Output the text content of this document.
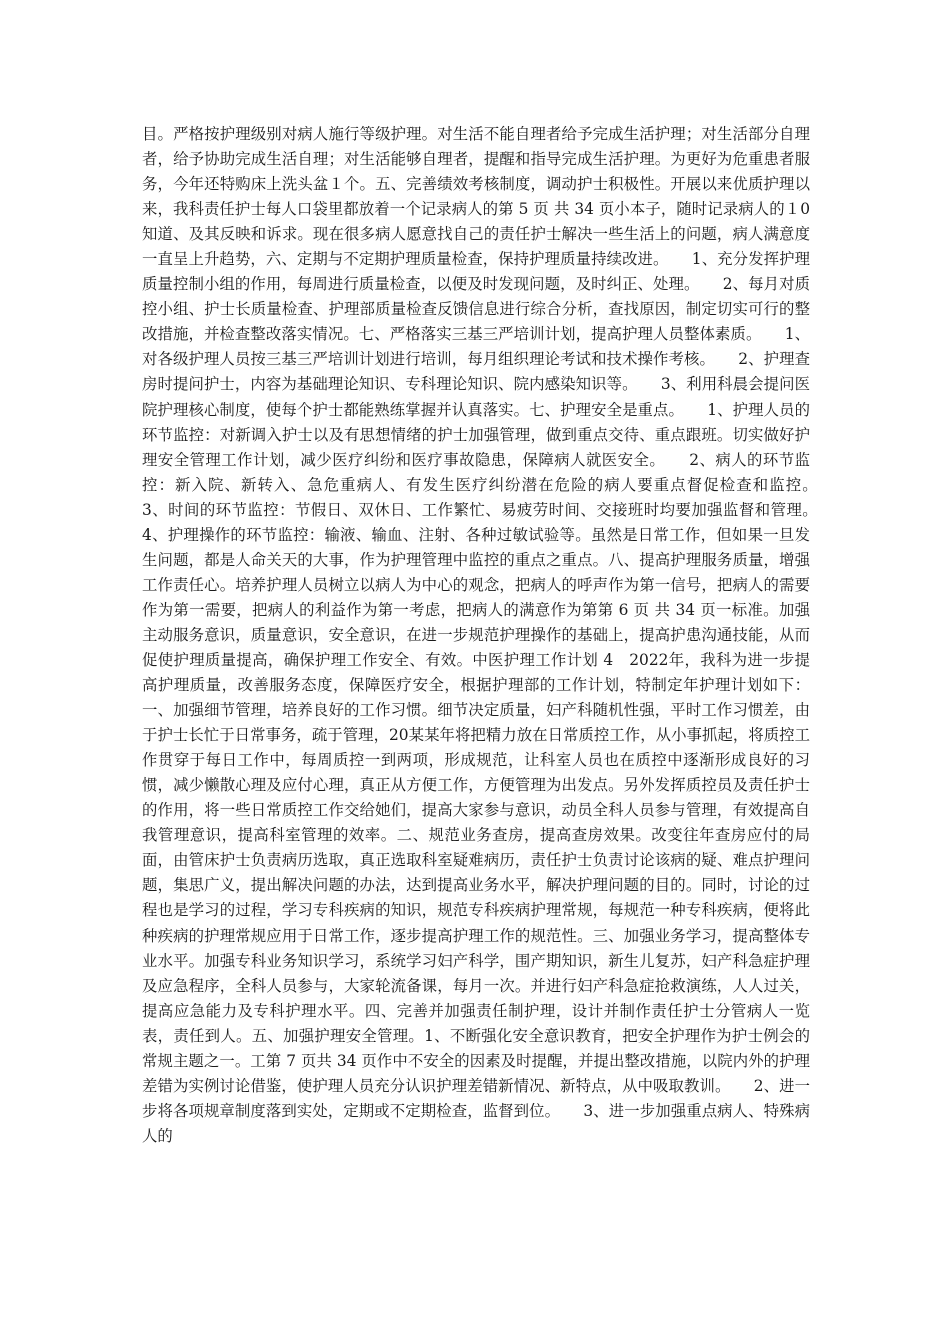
目。严格按护理级别对病人施行等级护理。对生活不能自理者给予完成生活护理；对生活部分自理者，给予协助完成生活自理；对生活能够自理者，提醒和指导完成生活护理。为更好为危重患者服务，今年还特购床上洗头盆１个。五、完善绩效考核制度，调动护士积极性。开展以来优质护理以来，我科责任护士每人口袋里都放着一个记录病人的第 5 页 共 34 页小本子，随时记录病人的１0知道、及其反映和诉求。现在很多病人愿意找自己的责任护士解决一些生活上的问题，病人满意度一直呈上升趋势，六、定期与不定期护理质量检查，保持护理质量持续改进。　　1、充分发挥护理质量控制小组的作用，每周进行质量检查，以便及时发现问题，及时纠正、处理。　　2、每月对质控小组、护士长质量检查、护理部质量检查反馈信息进行综合分析，查找原因，制定切实可行的整改措施，并检查整改落实情况。七、严格落实三基三严培训计划，提高护理人员整体素质。　　1、对各级护理人员按三基三严培训计划进行培训，每月组织理论考试和技术操作考核。　　2、护理查房时提问护士，内容为基础理论知识、专科理论知识、院内感染知识等。　　3、利用科晨会提问医院护理核心制度，使每个护士都能熟练掌握并认真落实。七、护理安全是重点。　　1、护理人员的环节监控：对新调入护士以及有思想情绪的护士加强管理，做到重点交待、重点跟班。切实做好护理安全管理工作计划，减少医疗纠纷和医疗事故隐患，保障病人就医安全。　　2、病人的环节监控：新入院、新转入、急危重病人、有发生医疗纠纷潜在危险的病人要重点督促检查和监控。　　3、时间的环节监控：节假日、双休日、工作繁忙、易疲劳时间、交接班时均要加强监督和管理。　　4、护理操作的环节监控：输液、输血、注射、各种过敏试验等。虽然是日常工作，但如果一旦发生问题，都是人命关天的大事，作为护理管理中监控的重点之重点。八、提高护理服务质量，增强工作责任心。培养护理人员树立以病人为中心的观念，把病人的呼声作为第一信号，把病人的需要作为第一需要，把病人的利益作为第一考虑，把病人的满意作为第第 6 页 共 34 页一标准。加强主动服务意识，质量意识，安全意识，在进一步规范护理操作的基础上，提高护患沟通技能，从而促使护理质量提高，确保护理工作安全、有效。中医护理工作计划 4　2022年，我科为进一步提高护理质量，改善服务态度，保障医疗安全，根据护理部的工作计划，特制定年护理计划如下：一、加强细节管理，培养良好的工作习惯。细节决定质量，妇产科随机性强，平时工作习惯差，由于护士长忙于日常事务，疏于管理，20某某年将把精力放在日常质控工作，从小事抓起，将质控工作贯穿于每日工作中，每周质控一到两项，形成规范，让科室人员也在质控中逐渐形成良好的习惯，减少懒散心理及应付心理，真正从方便工作，方便管理为出发点。另外发挥质控员及责任护士的作用，将一些日常质控工作交给她们，提高大家参与意识，动员全科人员参与管理，有效提高自我管理意识，提高科室管理的效率。二、规范业务查房，提高查房效果。改变往年查房应付的局面，由管床护士负责病历选取，真正选取科室疑难病历，责任护士负责讨论该病的疑、难点护理问题，集思广义，提出解决问题的办法，达到提高业务水平，解决护理问题的目的。同时，讨论的过程也是学习的过程，学习专科疾病的知识，规范专科疾病护理常规，每规范一种专科疾病，便将此种疾病的护理常规应用于日常工作，逐步提高护理工作的规范性。三、加强业务学习，提高整体专业水平。加强专科业务知识学习，系统学习妇产科学，围产期知识，新生儿复苏，妇产科急症护理及应急程序，全科人员参与，大家轮流备课，每月一次。并进行妇产科急症抢救演练，人人过关，提高应急能力及专科护理水平。四、完善并加强责任制护理，设计并制作责任护士分管病人一览表，责任到人。五、加强护理安全管理。1、不断强化安全意识教育，把安全护理作为护士例会的常规主题之一。工第 7 页共 34 页作中不安全的因素及时提醒，并提出整改措施，以院内外的护理差错为实例讨论借鉴，使护理人员充分认识护理差错新情况、新特点，从中吸取教训。　　2、进一步将各项规章制度落到实处，定期或不定期检查，监督到位。　　3、进一步加强重点病人、特殊病人的
